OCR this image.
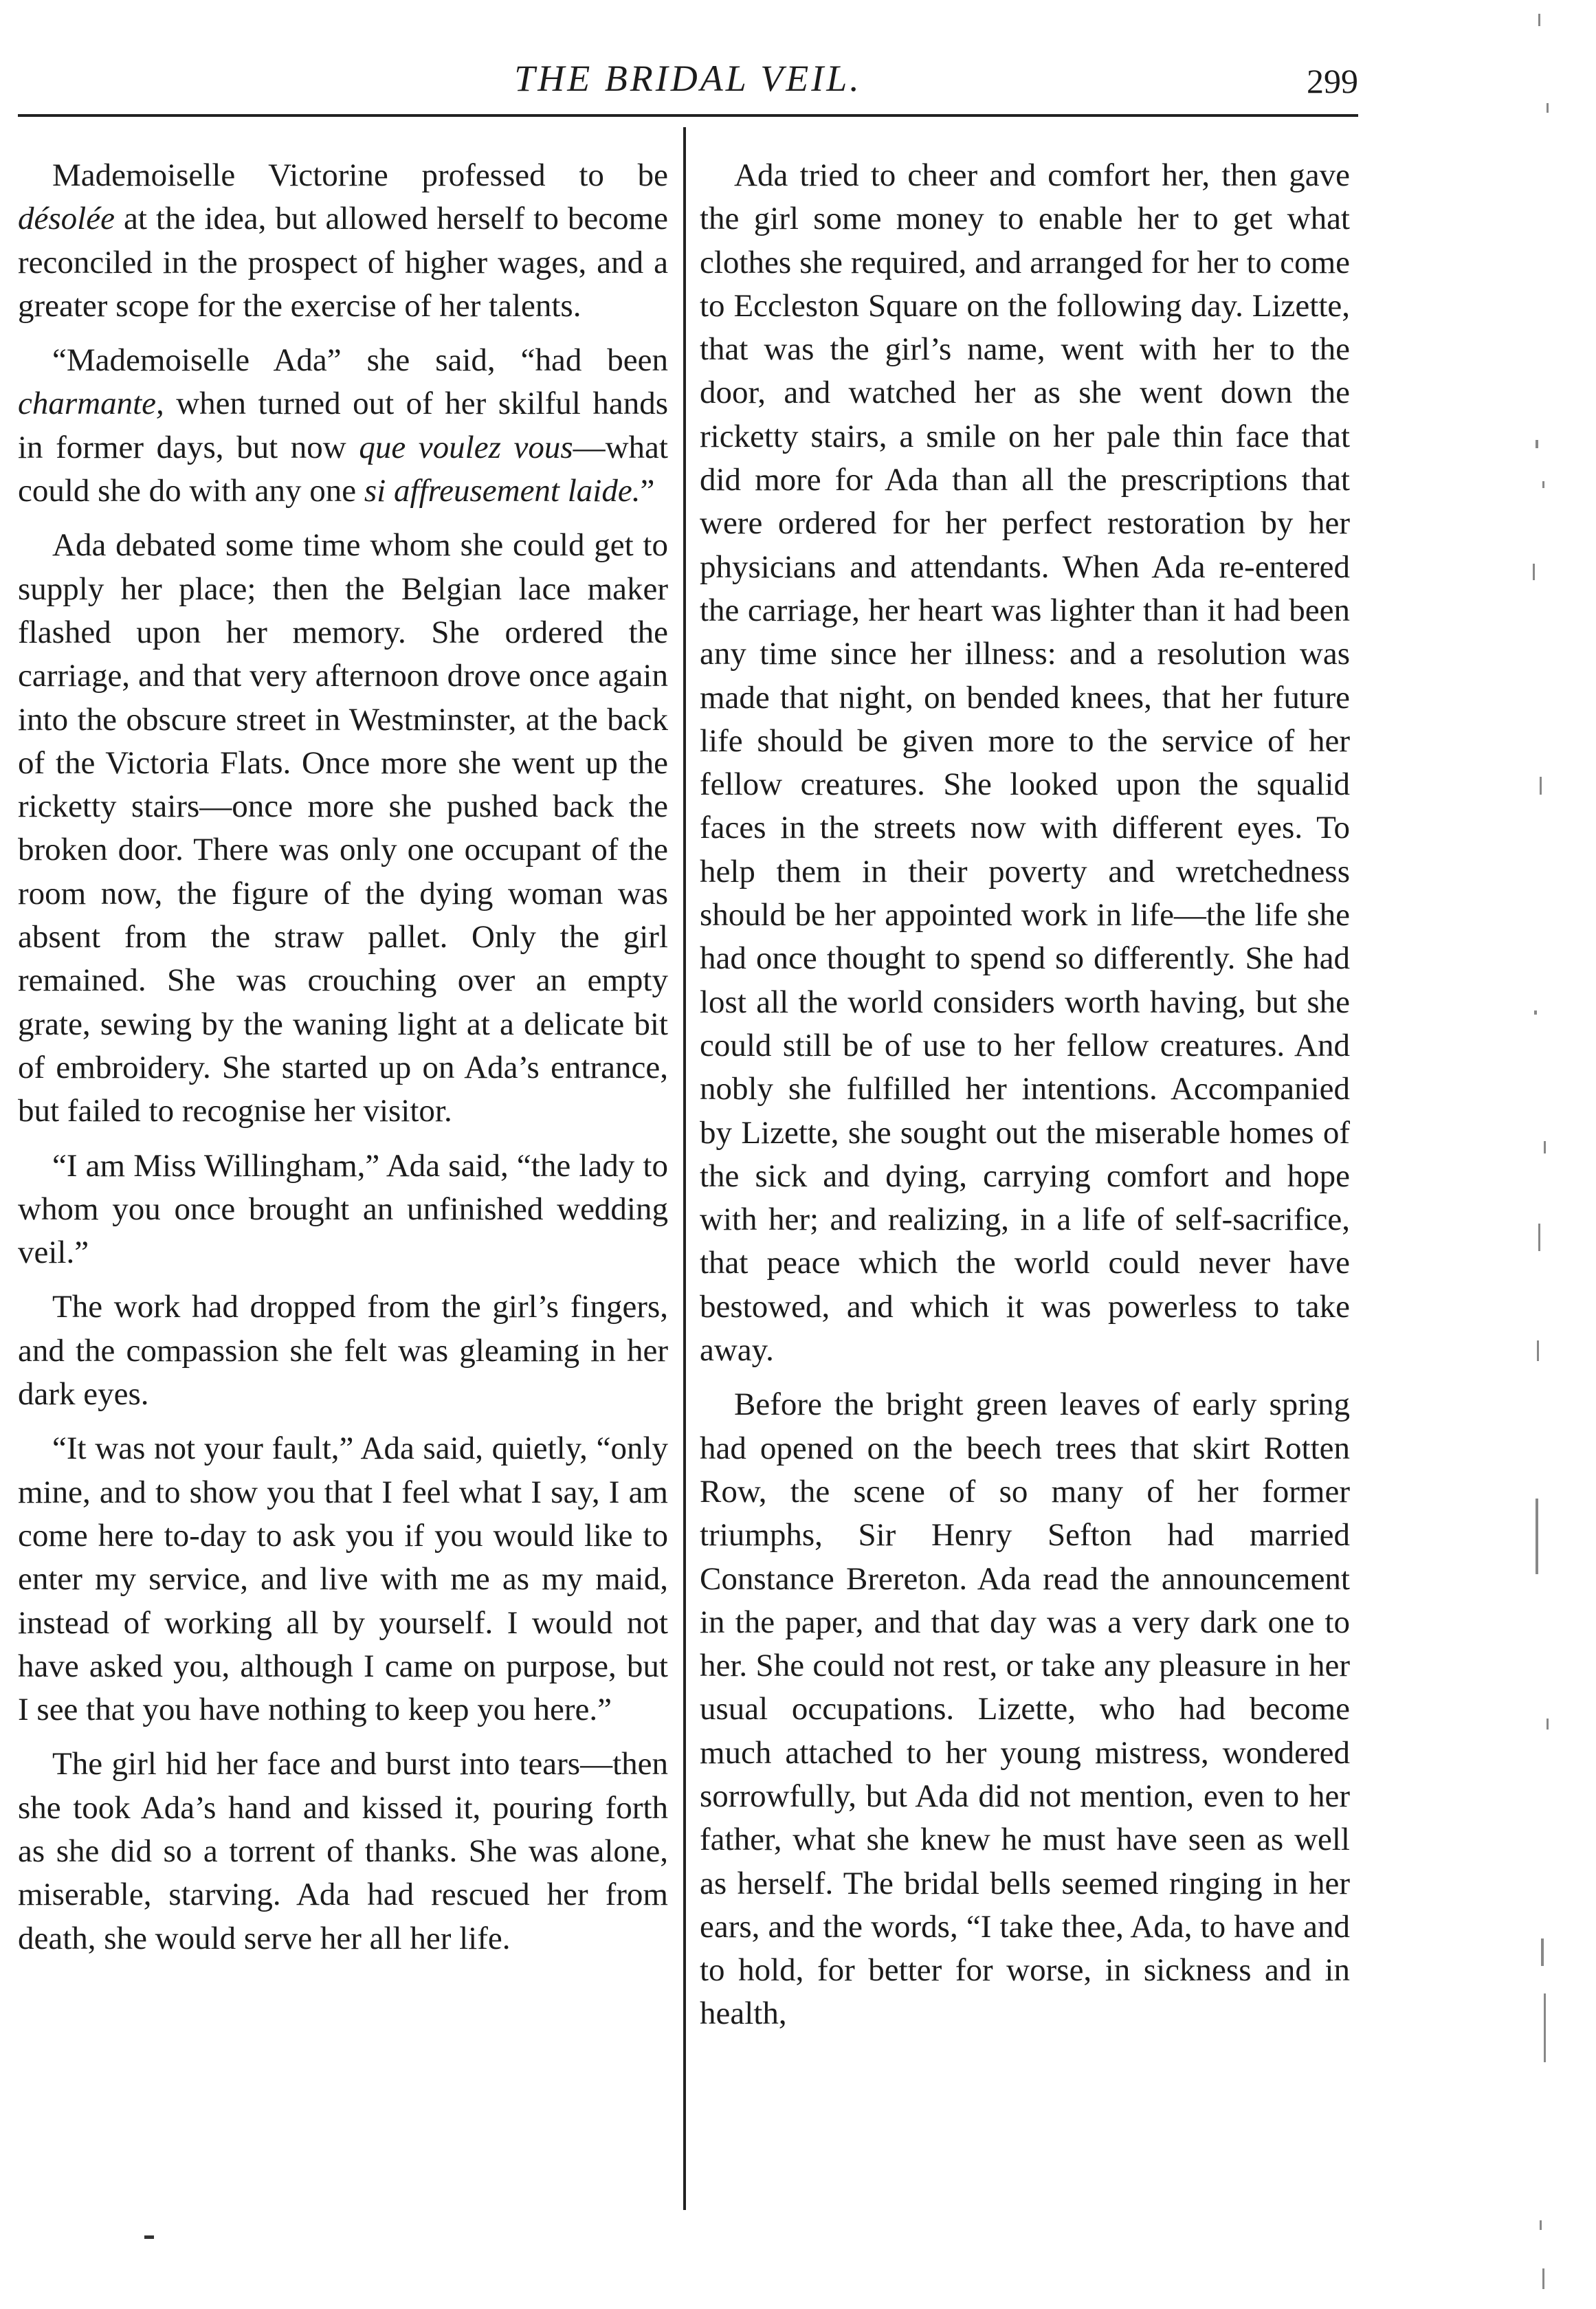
THE BRIDAL VEIL.	299

Mademoiselle Victorine professed to be désolée at the idea, but allowed herself to become reconciled in the prospect of higher wages, and a greater scope for the exercise of her talents.

“Mademoiselle Ada” she said, “had been charmante, when turned out of her skilful hands in former days, but now que voulez vous—what could she do with any one si affreusement laide.”

Ada debated some time whom she could get to supply her place; then the Belgian lace maker flashed upon her memory. She ordered the carriage, and that very afternoon drove once again into the obscure street in Westminster, at the back of the Victoria Flats. Once more she went up the ricketty stairs—once more she pushed back the broken door. There was only one occupant of the room now, the figure of the dying woman was absent from the straw pallet. Only the girl remained. She was crouching over an empty grate, sewing by the waning light at a delicate bit of embroidery. She started up on Ada’s entrance, but failed to recognise her visitor.

“I am Miss Willingham,” Ada said, “the lady to whom you once brought an unfinished wedding veil.”

The work had dropped from the girl’s fingers, and the compassion she felt was gleaming in her dark eyes.

“It was not your fault,” Ada said, quietly, “only mine, and to show you that I feel what I say, I am come here to-day to ask you if you would like to enter my service, and live with me as my maid, instead of working all by yourself. I would not have asked you, although I came on purpose, but I see that you have nothing to keep you here.”

The girl hid her face and burst into tears—then she took Ada’s hand and kissed it, pouring forth as she did so a torrent of thanks. She was alone, miserable, starving. Ada had rescued her from death, she would serve her all her life.

Ada tried to cheer and comfort her, then gave the girl some money to enable her to get what clothes she required, and arranged for her to come to Eccleston Square on the following day. Lizette, that was the girl’s name, went with her to the door, and watched her as she went down the ricketty stairs, a smile on her pale thin face that did more for Ada than all the prescriptions that were ordered for her perfect restoration by her physicians and attendants. When Ada re-entered the carriage, her heart was lighter than it had been any time since her illness: and a resolution was made that night, on bended knees, that her future life should be given more to the service of her fellow creatures. She looked upon the squalid faces in the streets now with different eyes. To help them in their poverty and wretchedness should be her appointed work in life—the life she had once thought to spend so differently. She had lost all the world considers worth having, but she could still be of use to her fellow creatures. And nobly she fulfilled her intentions. Accompanied by Lizette, she sought out the miserable homes of the sick and dying, carrying comfort and hope with her; and realizing, in a life of self-sacrifice, that peace which the world could never have bestowed, and which it was powerless to take away.

Before the bright green leaves of early spring had opened on the beech trees that skirt Rotten Row, the scene of so many of her former triumphs, Sir Henry Sefton had married Constance Brereton. Ada read the announcement in the paper, and that day was a very dark one to her. She could not rest, or take any pleasure in her usual occupations. Lizette, who had become much attached to her young mistress, wondered sorrowfully, but Ada did not mention, even to her father, what she knew he must have seen as well as herself. The bridal bells seemed ringing in her ears, and the words, “I take thee, Ada, to have and to hold, for better for worse, in sickness and in health,
